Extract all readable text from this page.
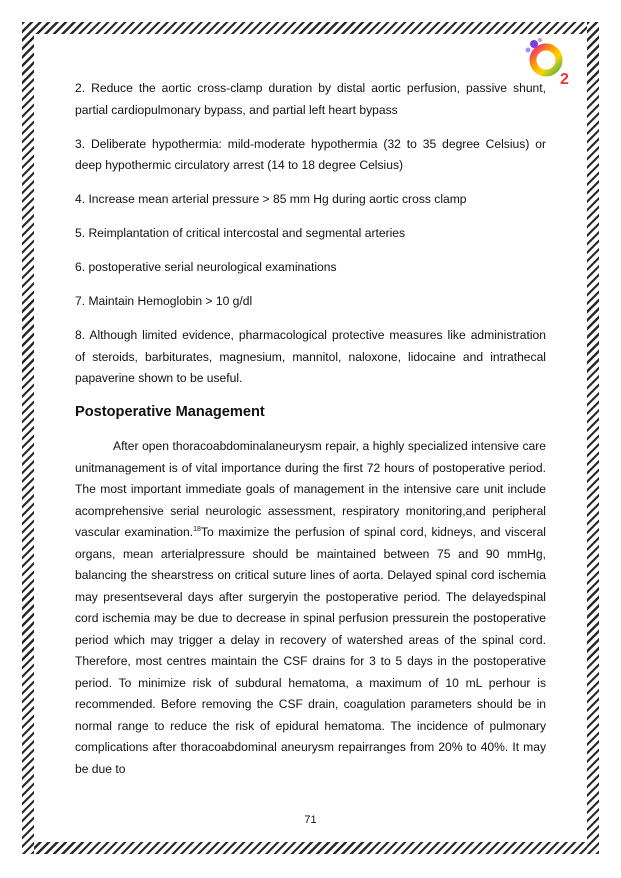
2

2. Reduce the aortic cross-clamp duration by distal aortic perfusion, passive shunt, partial cardiopulmonary bypass, and partial left heart bypass

3. Deliberate hypothermia: mild-moderate hypothermia (32 to 35 degree Celsius) or deep hypothermic circulatory arrest (14 to 18 degree Celsius)

4. Increase mean arterial pressure > 85 mm Hg during aortic cross clamp

5. Reimplantation of critical intercostal and segmental arteries

6. postoperative serial neurological examinations

7. Maintain Hemoglobin > 10 g/dl

8. Although limited evidence, pharmacological protective measures like administration of steroids, barbiturates, magnesium, mannitol, naloxone, lidocaine and intrathecal papaverine shown to be useful.

Postoperative Management

After open thoracoabdominalaneurysm repair, a highly specialized intensive care unitmanagement is of vital importance during the first 72 hours of postoperative period. The most important immediate goals of management in the intensive care unit include acomprehensive serial neurologic assessment, respiratory monitoring,and peripheral vascular examination.$^{18}$To maximize the perfusion of spinal cord, kidneys, and visceral organs, mean arterialpressure should be maintained between 75 and 90 mmHg, balancing the shearstress on critical suture lines of aorta. Delayed spinal cord ischemia may presentseveral days after surgeryin the postoperative period. The delayedspinal cord ischemia may be due to decrease in spinal perfusion pressurein the postoperative period which may trigger a delay in recovery of watershed areas of the spinal cord. Therefore, most centres maintain the CSF drains for 3 to 5 days in the postoperative period. To minimize risk of subdural hematoma, a maximum of 10 mL perhour is recommended. Before removing the CSF drain, coagulation parameters should be in normal range to reduce the risk of epidural hematoma. The incidence of pulmonary complications after thoracoabdominal aneurysm repairranges from 20% to 40%. It may be due to

71
